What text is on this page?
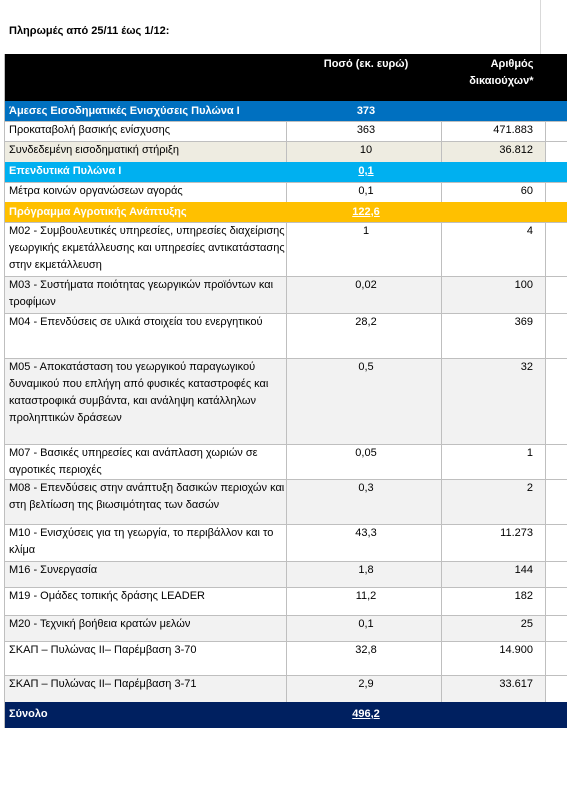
Πληρωμές από 25/11 έως 1/12:
	Ποσό (εκ. ευρώ)	Αριθμός
δικαιούχων*	

Άμεσες Εισοδηματικές Ενισχύσεις Πυλώνα Ι	373		
Προκαταβολή βασικής ενίσχυσης	363	471.883	
Συνδεδεμένη εισοδηματική στήριξη	10	36.812	
Επενδυτικά Πυλώνα Ι	0,1		
Μέτρα κοινών οργανώσεων αγοράς	0,1	60	
Πρόγραμμα Αγροτικής Ανάπτυξης	122,6		
Μ02 - Συμβουλευτικές υπηρεσίες, υπηρεσίες διαχείρισης γεωργικής εκμετάλλευσης και υπηρεσίες αντικατάστασης στην εκμετάλλευση	1	4	
Μ03 - Συστήματα ποιότητας γεωργικών προϊόντων και τροφίμων	0,02	100	
Μ04 - Επενδύσεις σε υλικά στοιχεία του ενεργητικού	28,2	369	
Μ05 - Αποκατάσταση του γεωργικού παραγωγικού δυναμικού που επλήγη από φυσικές καταστροφές και καταστροφικά συμβάντα, και ανάληψη κατάλληλων προληπτικών δράσεων	0,5	32	
Μ07 - Βασικές υπηρεσίες και ανάπλαση χωριών σε αγροτικές περιοχές	0,05	1	
Μ08 - Επενδύσεις στην ανάπτυξη δασικών περιοχών και στη βελτίωση της βιωσιμότητας των δασών	0,3	2	
Μ10 - Ενισχύσεις για τη γεωργία, το περιβάλλον και το κλίμα	43,3	11.273	
Μ16 - Συνεργασία	1,8	144	
Μ19 - Ομάδες τοπικής δράσης LEADER	11,2	182	
Μ20 - Τεχνική βοήθεια κρατών μελών	0,1	25	
ΣΚΑΠ – Πυλώνας ΙΙ– Παρέμβαση 3-70	32,8	14.900	
ΣΚΑΠ – Πυλώνας ΙΙ– Παρέμβαση 3-71	2,9	33.617	
Σύνολο	496,2		
